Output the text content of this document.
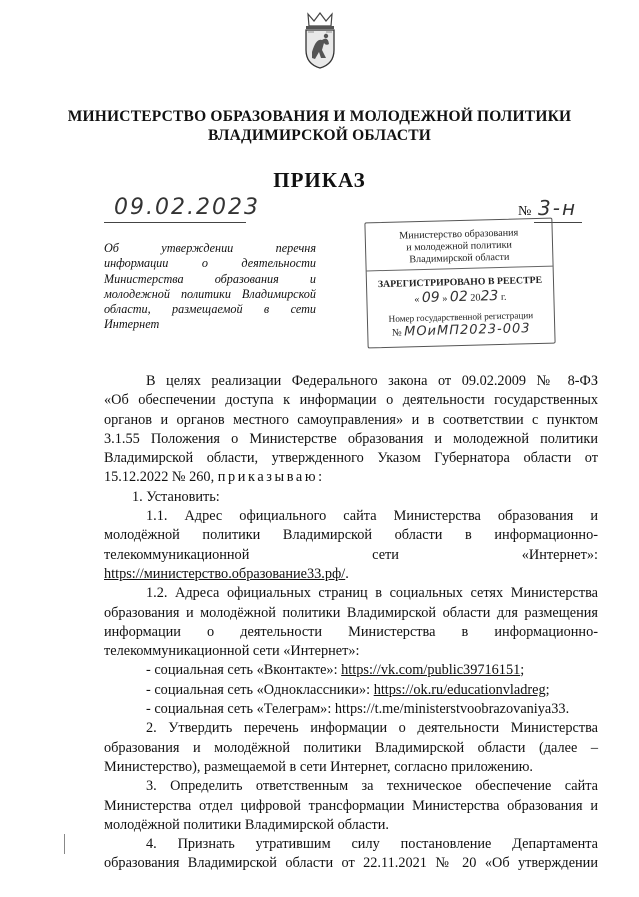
МИНИСТЕРСТВО ОБРАЗОВАНИЯ И МОЛОДЕЖНОЙ ПОЛИТИКИ
ВЛАДИМИРСКОЙ ОБЛАСТИ
ПРИКАЗ
09.02.2023	№ 3-н
Об утверждении перечня
информации о деятельности
Министерства образования и
молодежной политики Владимирской
области, размещаемой в сети
Интернет
Министерство образования
и молодежной политики
Владимирской области
ЗАРЕГИСТРИРОВАНО В РЕЕСТРЕ
« 09 » 02 2023 г.
Номер государственной регистрации
№ МОиМП2023-003
В целях реализации Федерального закона от 09.02.2009 № 8-ФЗ
«Об обеспечении доступа к информации о деятельности государственных
органов и органов местного самоуправления» и в соответствии с пунктом
3.1.55 Положения о Министерстве образования и молодежной политики
Владимирской области, утвержденного Указом Губернатора области от
15.12.2022 № 260, приказываю:
1. Установить:
1.1. Адрес официального сайта Министерства образования и
молодёжной политики Владимирской области в информационно-
телекоммуникационной	сети	«Интернет»:
https://министерство.образование33.рф/.
1.2. Адреса официальных страниц в социальных сетях Министерства
образования и молодёжной политики Владимирской области для размещения
информации о деятельности Министерства в информационно-
телекоммуникационной сети «Интернет»:
- социальная сеть «Вконтакте»: https://vk.com/public39716151;
- социальная сеть «Одноклассники»: https://ok.ru/educationvladreg;
- социальная сеть «Телеграм»: https://t.me/ministerstvoobrazovaniya33.
2. Утвердить перечень информации о деятельности Министерства
образования и молодёжной политики Владимирской области (далее –
Министерство), размещаемой в сети Интернет, согласно приложению.
3. Определить ответственным за техническое обеспечение сайта
Министерства отдел цифровой трансформации Министерства образования и
молодёжной политики Владимирской области.
4. Признать утратившим силу постановление Департамента
образования Владимирской области от 22.11.2021 № 20 «Об утверждении
